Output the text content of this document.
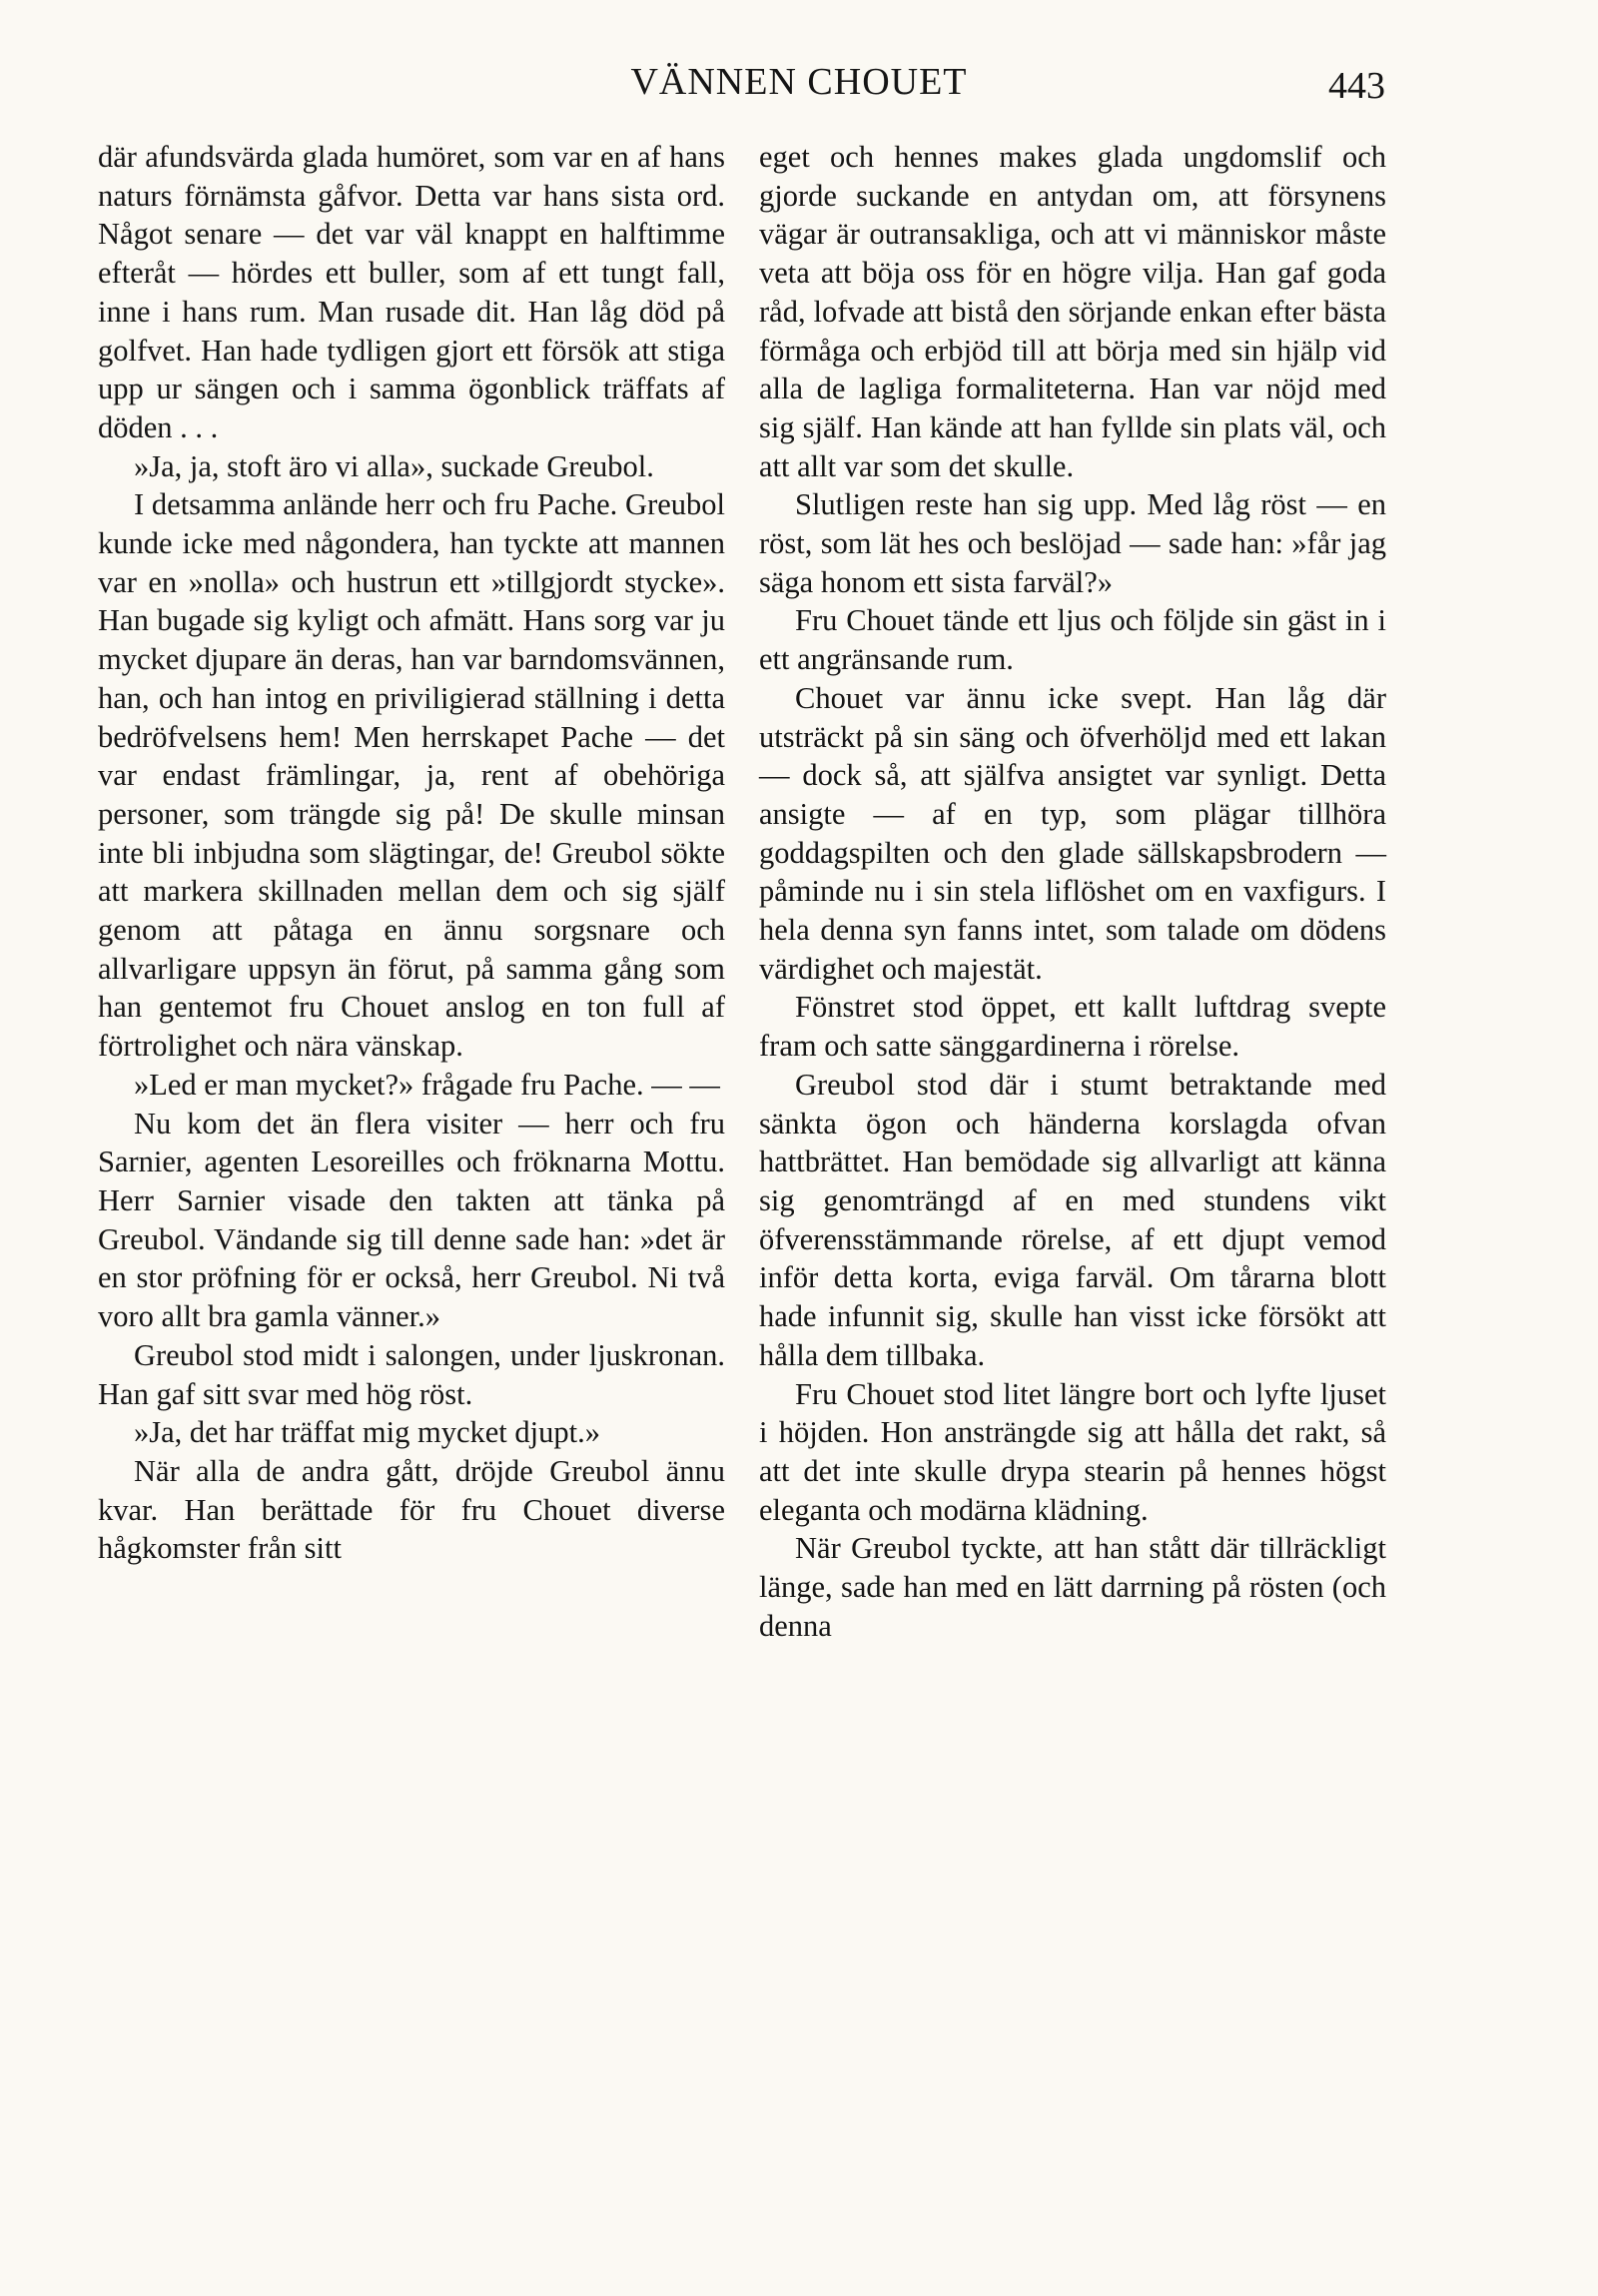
VÄNNEN CHOUET	443

där afundsvärda glada humöret, som var en af hans naturs förnämsta gåfvor. Detta var hans sista ord. Något senare — det var väl knappt en halftimme efteråt — hördes ett buller, som af ett tungt fall, inne i hans rum. Man rusade dit. Han låg död på golfvet. Han hade tydligen gjort ett försök att stiga upp ur sängen och i samma ögonblick träffats af döden . . .

»Ja, ja, stoft äro vi alla», suckade Greubol.

I detsamma anlände herr och fru Pache. Greubol kunde icke med någondera, han tyckte att mannen var en »nolla» och hustrun ett »tillgjordt stycke». Han bugade sig kyligt och afmätt. Hans sorg var ju mycket djupare än deras, han var barndomsvännen, han, och han intog en priviligierad ställning i detta bedröfvelsens hem! Men herrskapet Pache — det var endast främlingar, ja, rent af obehöriga personer, som trängde sig på! De skulle minsan inte bli inbjudna som slägtingar, de! Greubol sökte att markera skillnaden mellan dem och sig själf genom att påtaga en ännu sorgsnare och allvarligare uppsyn än förut, på samma gång som han gentemot fru Chouet anslog en ton full af förtrolighet och nära vänskap.

»Led er man mycket?» frågade fru Pache. — —

Nu kom det än flera visiter — herr och fru Sarnier, agenten Lesoreilles och fröknarna Mottu. Herr Sarnier visade den takten att tänka på Greubol. Vändande sig till denne sade han: »det är en stor pröfning för er också, herr Greubol. Ni två voro allt bra gamla vänner.»

Greubol stod midt i salongen, under ljuskronan. Han gaf sitt svar med hög röst.

»Ja, det har träffat mig mycket djupt.»

När alla de andra gått, dröjde Greubol ännu kvar. Han berättade för fru Chouet diverse hågkomster från sitt

eget och hennes makes glada ungdomslif och gjorde suckande en antydan om, att försynens vägar är outransakliga, och att vi människor måste veta att böja oss för en högre vilja. Han gaf goda råd, lofvade att bistå den sörjande enkan efter bästa förmåga och erbjöd till att börja med sin hjälp vid alla de lagliga formaliteterna. Han var nöjd med sig själf. Han kände att han fyllde sin plats väl, och att allt var som det skulle.

Slutligen reste han sig upp. Med låg röst — en röst, som lät hes och beslöjad — sade han: »får jag säga honom ett sista farväl?»

Fru Chouet tände ett ljus och följde sin gäst in i ett angränsande rum.

Chouet var ännu icke svept. Han låg där utsträckt på sin säng och öfverhöljd med ett lakan — dock så, att själfva ansigtet var synligt. Detta ansigte — af en typ, som plägar tillhöra goddagspilten och den glade sällskapsbrodern — påminde nu i sin stela liflöshet om en vaxfigurs. I hela denna syn fanns intet, som talade om dödens värdighet och majestät.

Fönstret stod öppet, ett kallt luftdrag svepte fram och satte sänggardinerna i rörelse.

Greubol stod där i stumt betraktande med sänkta ögon och händerna korslagda ofvan hattbrättet. Han bemödade sig allvarligt att känna sig genomträngd af en med stundens vikt öfverensstämmande rörelse, af ett djupt vemod inför detta korta, eviga farväl. Om tårarna blott hade infunnit sig, skulle han visst icke försökt att hålla dem tillbaka.

Fru Chouet stod litet längre bort och lyfte ljuset i höjden. Hon ansträngde sig att hålla det rakt, så att det inte skulle drypa stearin på hennes högst eleganta och modärna klädning.

När Greubol tyckte, att han stått där tillräckligt länge, sade han med en lätt darrning på rösten (och denna
